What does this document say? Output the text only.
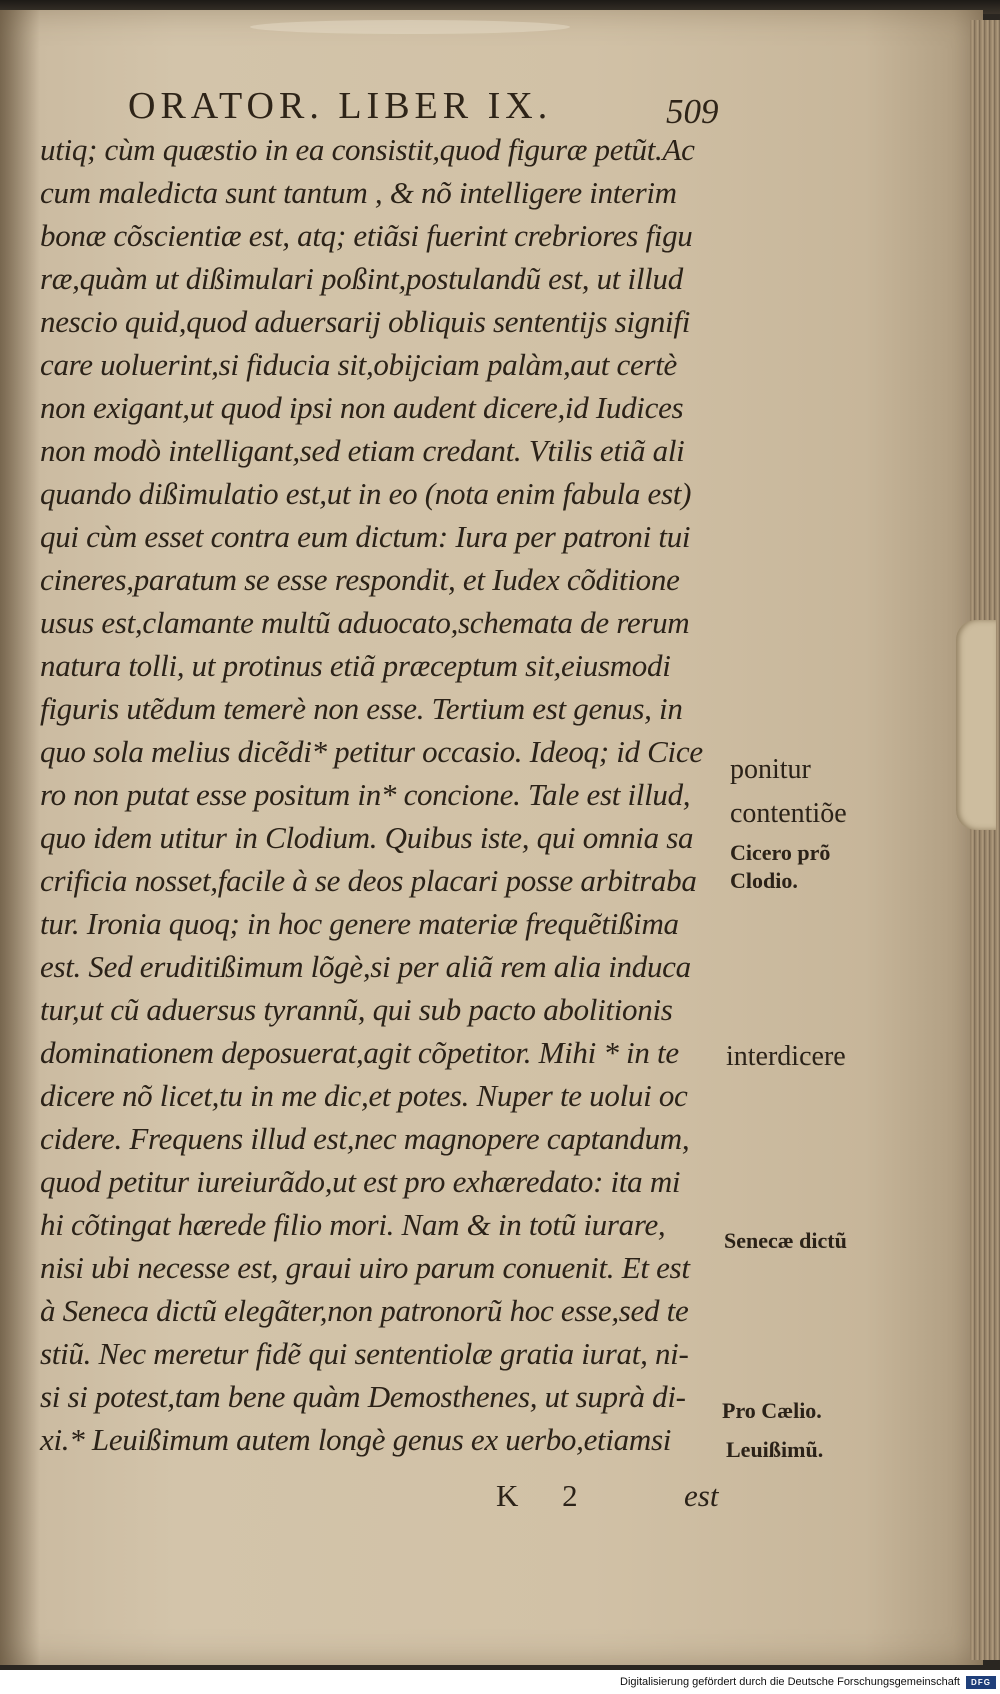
ORATOR. LIBER IX.	509
utiq; cùm quæstio in ea consistit,quod figuræ petũt.Ac
cum maledicta sunt tantum , & nõ intelligere interim
bonæ cõscientiæ est, atq; etiãsi fuerint crebriores figu
ræ,quàm ut dißimulari poßint,postulandũ est, ut illud
nescio quid,quod aduersarij obliquis sententijs signifi
care uoluerint,si fiducia sit,obijciam palàm,aut certè
non exigant,ut quod ipsi non audent dicere,id Iudices
non modò intelligant,sed etiam credant. Vtilis etiã ali
quando dißimulatio est,ut in eo (nota enim fabula est)
qui cùm esset contra eum dictum: Iura per patroni tui
cineres,paratum se esse respondit, et Iudex cõditione
usus est,clamante multũ aduocato,schemata de rerum
natura tolli, ut protinus etiã præceptum sit,eiusmodi
figuris utẽdum temerè non esse. Tertium est genus, in
quo sola melius dicẽdi* petitur occasio. Ideoq; id Cice
ro non putat esse positum in* concione. Tale est illud,
quo idem utitur in Clodium. Quibus iste, qui omnia sa
crificia nosset,facile à se deos placari posse arbitraba
tur. Ironia quoq; in hoc genere materiæ frequẽtißima
est. Sed eruditißimum lõgè,si per aliã rem alia induca
tur,ut cũ aduersus tyrannũ, qui sub pacto abolitionis
dominationem deposuerat,agit cõpetitor. Mihi * in te
dicere nõ licet,tu in me dic,et potes. Nuper te uolui oc
cidere. Frequens illud est,nec magnopere captandum,
quod petitur iureiurãdo,ut est pro exhæredato: ita mi
hi cõtingat hærede filio mori. Nam & in totũ iurare,
nisi ubi necesse est, graui uiro parum conuenit. Et est
à Seneca dictũ elegãter,non patronorũ hoc esse,sed te
stiũ. Nec meretur fidẽ qui sententiolæ gratia iurat, ni-
si si potest,tam bene quàm Demosthenes, ut suprà di-
xi.* Leuißimum autem longè genus ex uerbo,etiamsi
ponitur
contentiõe
Cicero prõ
Clodio.
interdicere
Senecæ dictũ
Pro Cælio.
Leuißimũ.
K 2	est
Digitalisierung gefördert durch die Deutsche Forschungsgemeinschaft DFG
